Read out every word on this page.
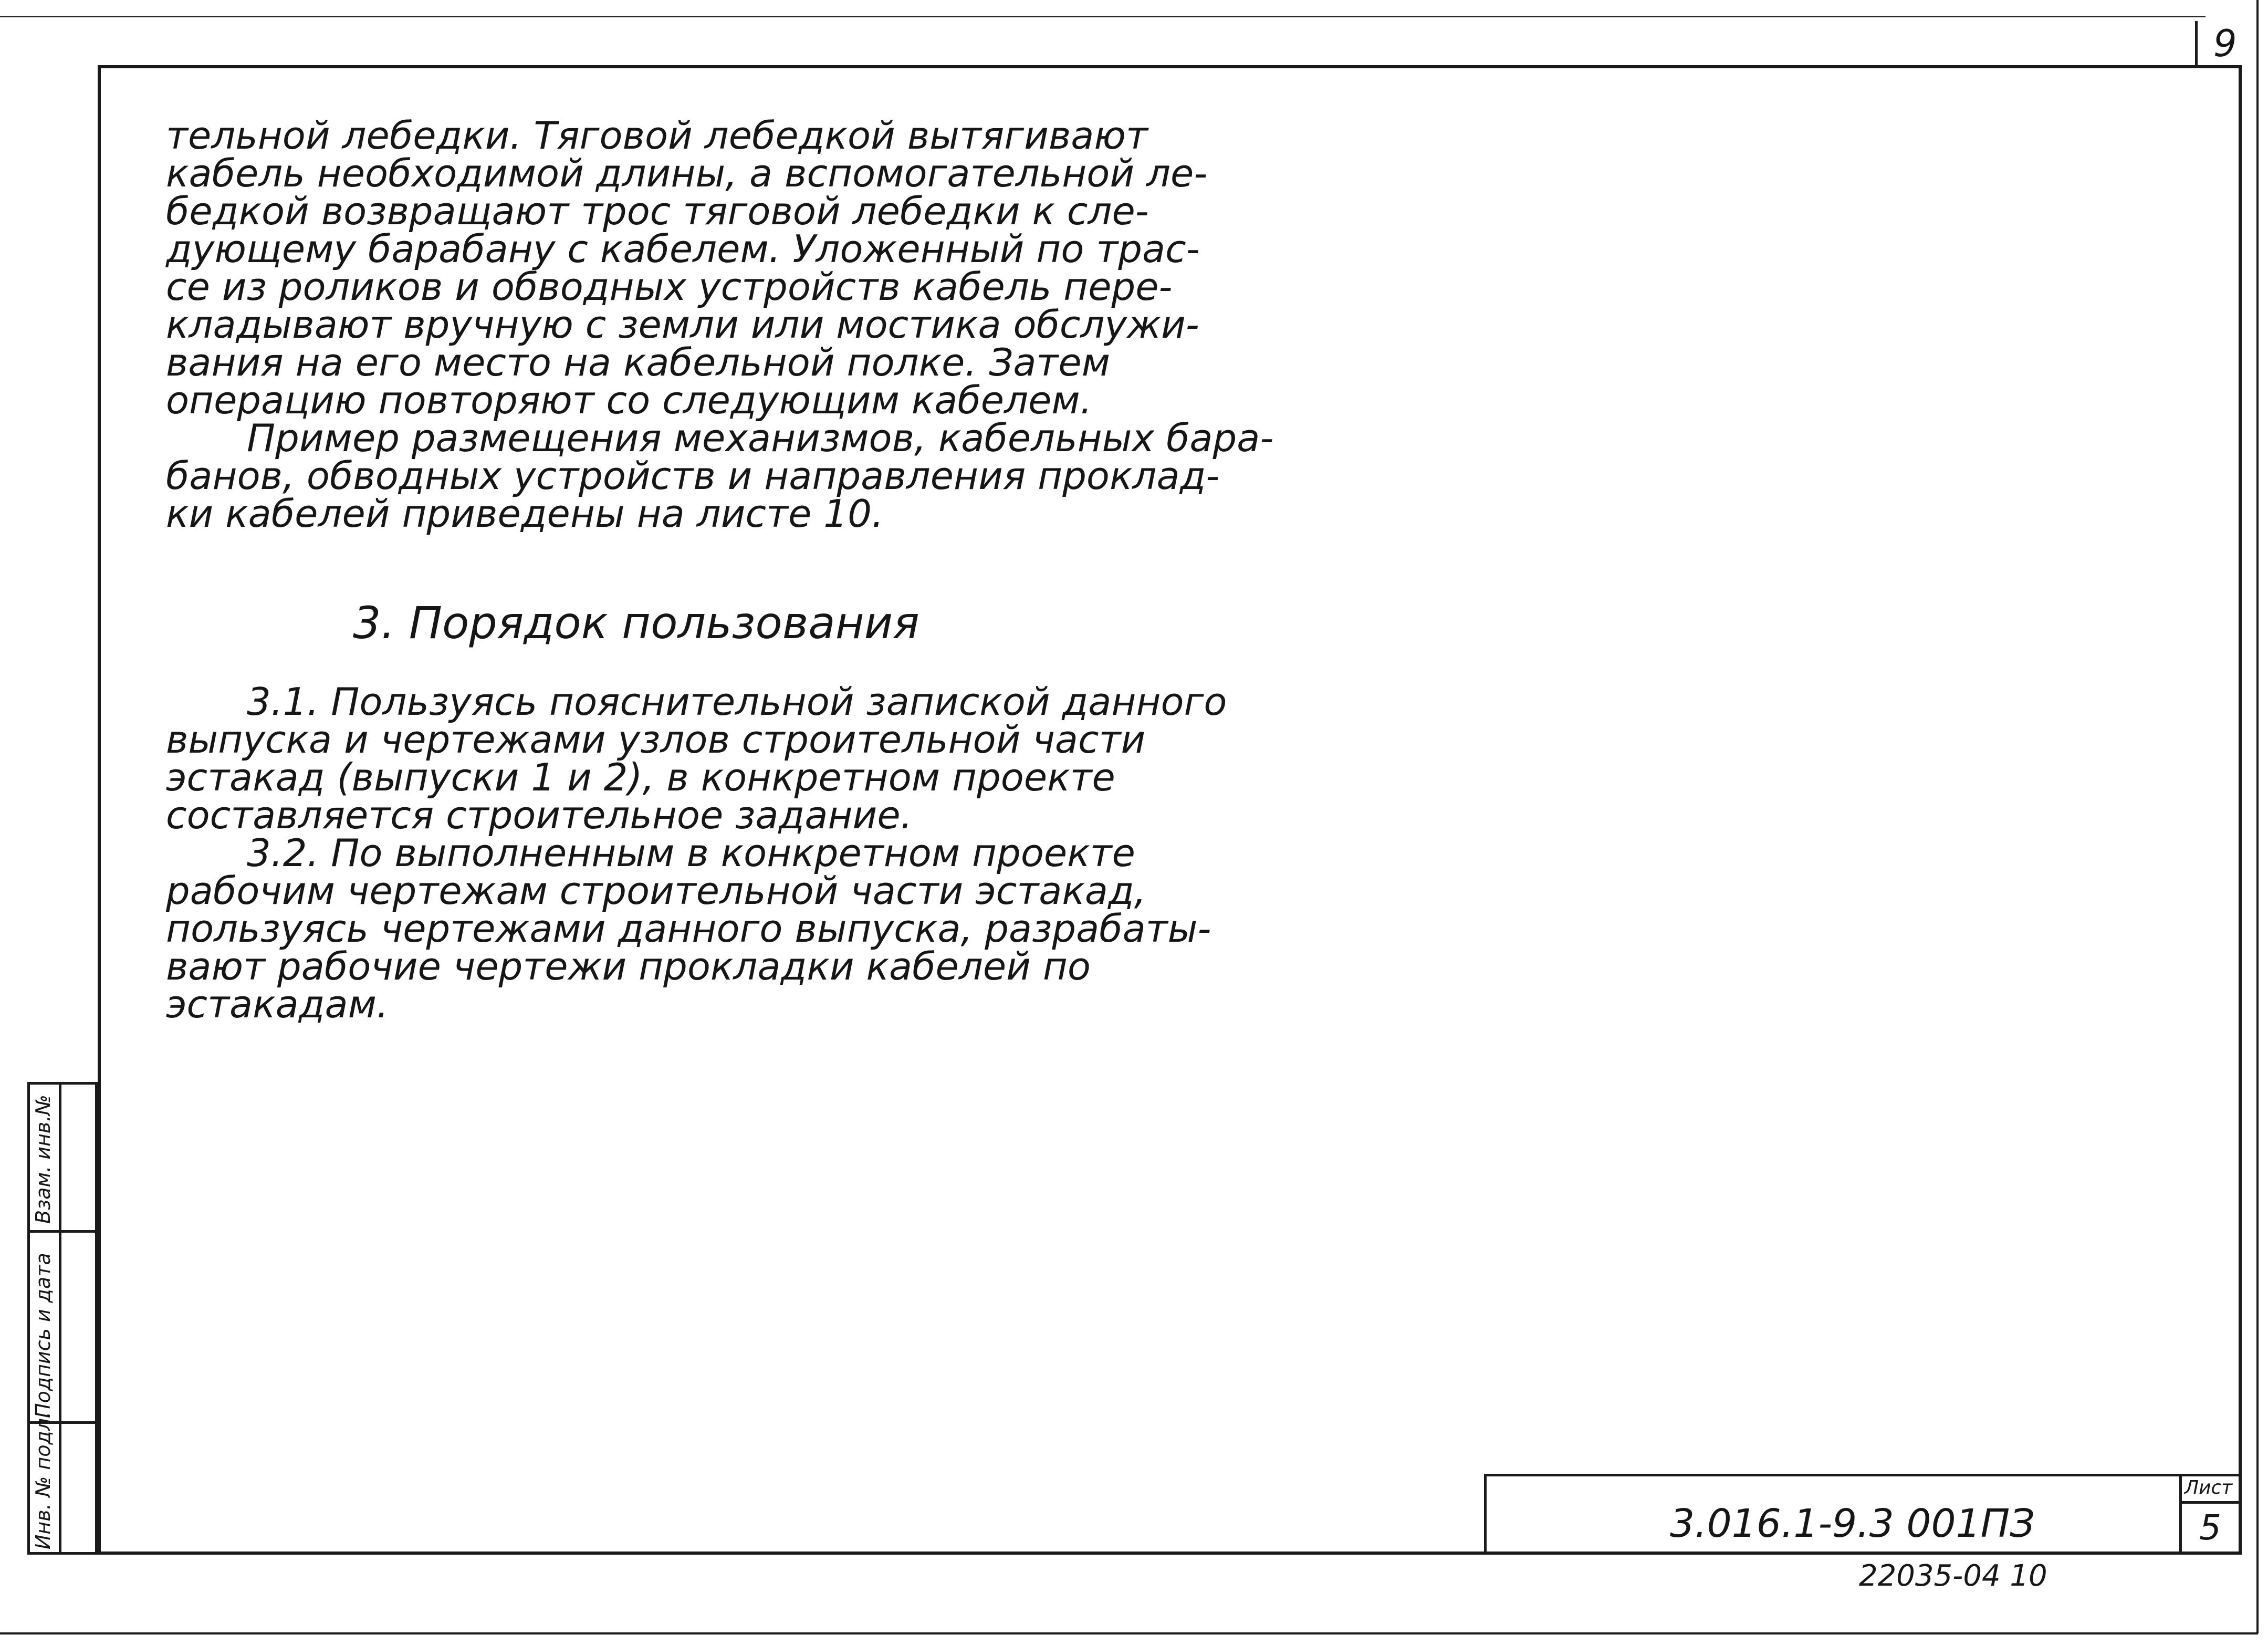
9
тельной лебедки. Тяговой лебедкой вытягивают
кабель необходимой длины, а вспомогательной ле-
бедкой возвращают трос тяговой лебедки к сле-
дующему барабану с кабелем. Уложенный по трас-
се из роликов и обводных устройств кабель пере-
кладывают вручную с земли или мостика обслужи-
вания на его место на кабельной полке. Затем
операцию повторяют со следующим кабелем.
Пример размещения механизмов, кабельных бара-
банов, обводных устройств и направления проклад-
ки кабелей приведены на листе 10.
3. Порядок пользования
3.1. Пользуясь пояснительной запиской данного
выпуска и чертежами узлов строительной части
эстакад (выпуски 1 и 2), в конкретном проекте
составляется строительное задание.
3.2. По выполненным в конкретном проекте
рабочим чертежам строительной части эстакад,
пользуясь чертежами данного выпуска, разрабаты-
вают рабочие чертежи прокладки кабелей по
эстакадам.
Взам. инв.№
Подпись и дата
Инв. № подл.	3.016.1-9.3 001ПЗ
Лист
5
22035-04 10
